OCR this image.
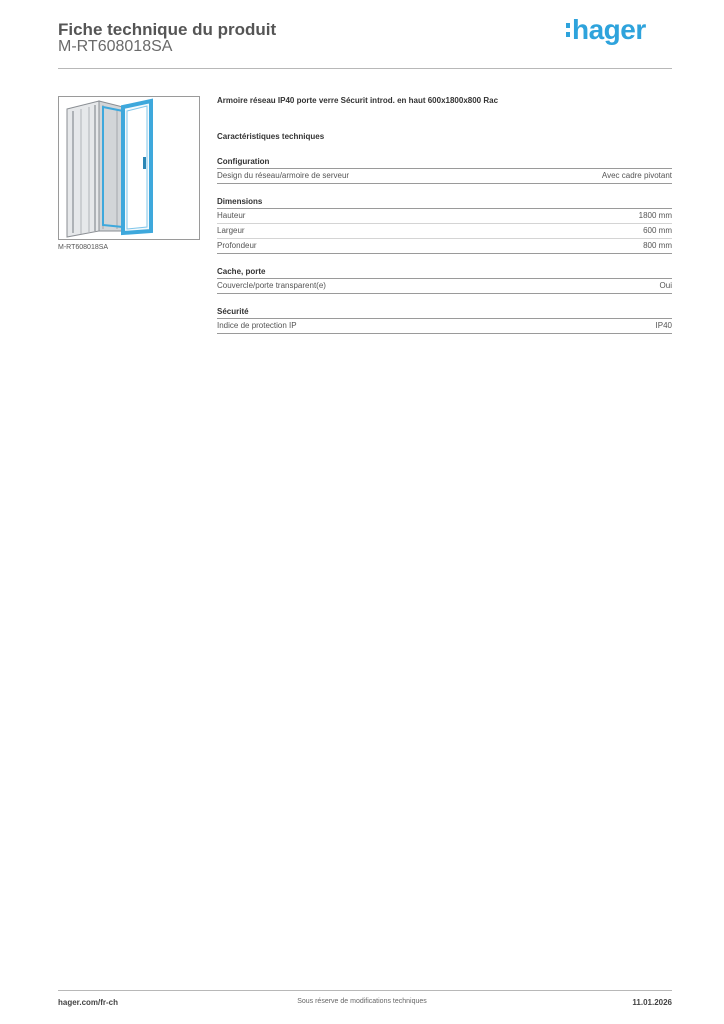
Fiche technique du produit
M-RT608018SA
hager
M-RT608018SA
Armoire réseau IP40 porte verre Sécurit introd. en haut 600x1800x800 Rac
Caractéristiques techniques
Configuration
Design du réseau/armoire de serveur	Avec cadre pivotant
Dimensions
Hauteur	1800 mm
Largeur	600 mm
Profondeur	800 mm
Cache, porte
Couvercle/porte transparent(e)	Oui
Sécurité
Indice de protection IP	IP40
hager.com/fr-ch	Sous réserve de modifications techniques	11.01.2026
